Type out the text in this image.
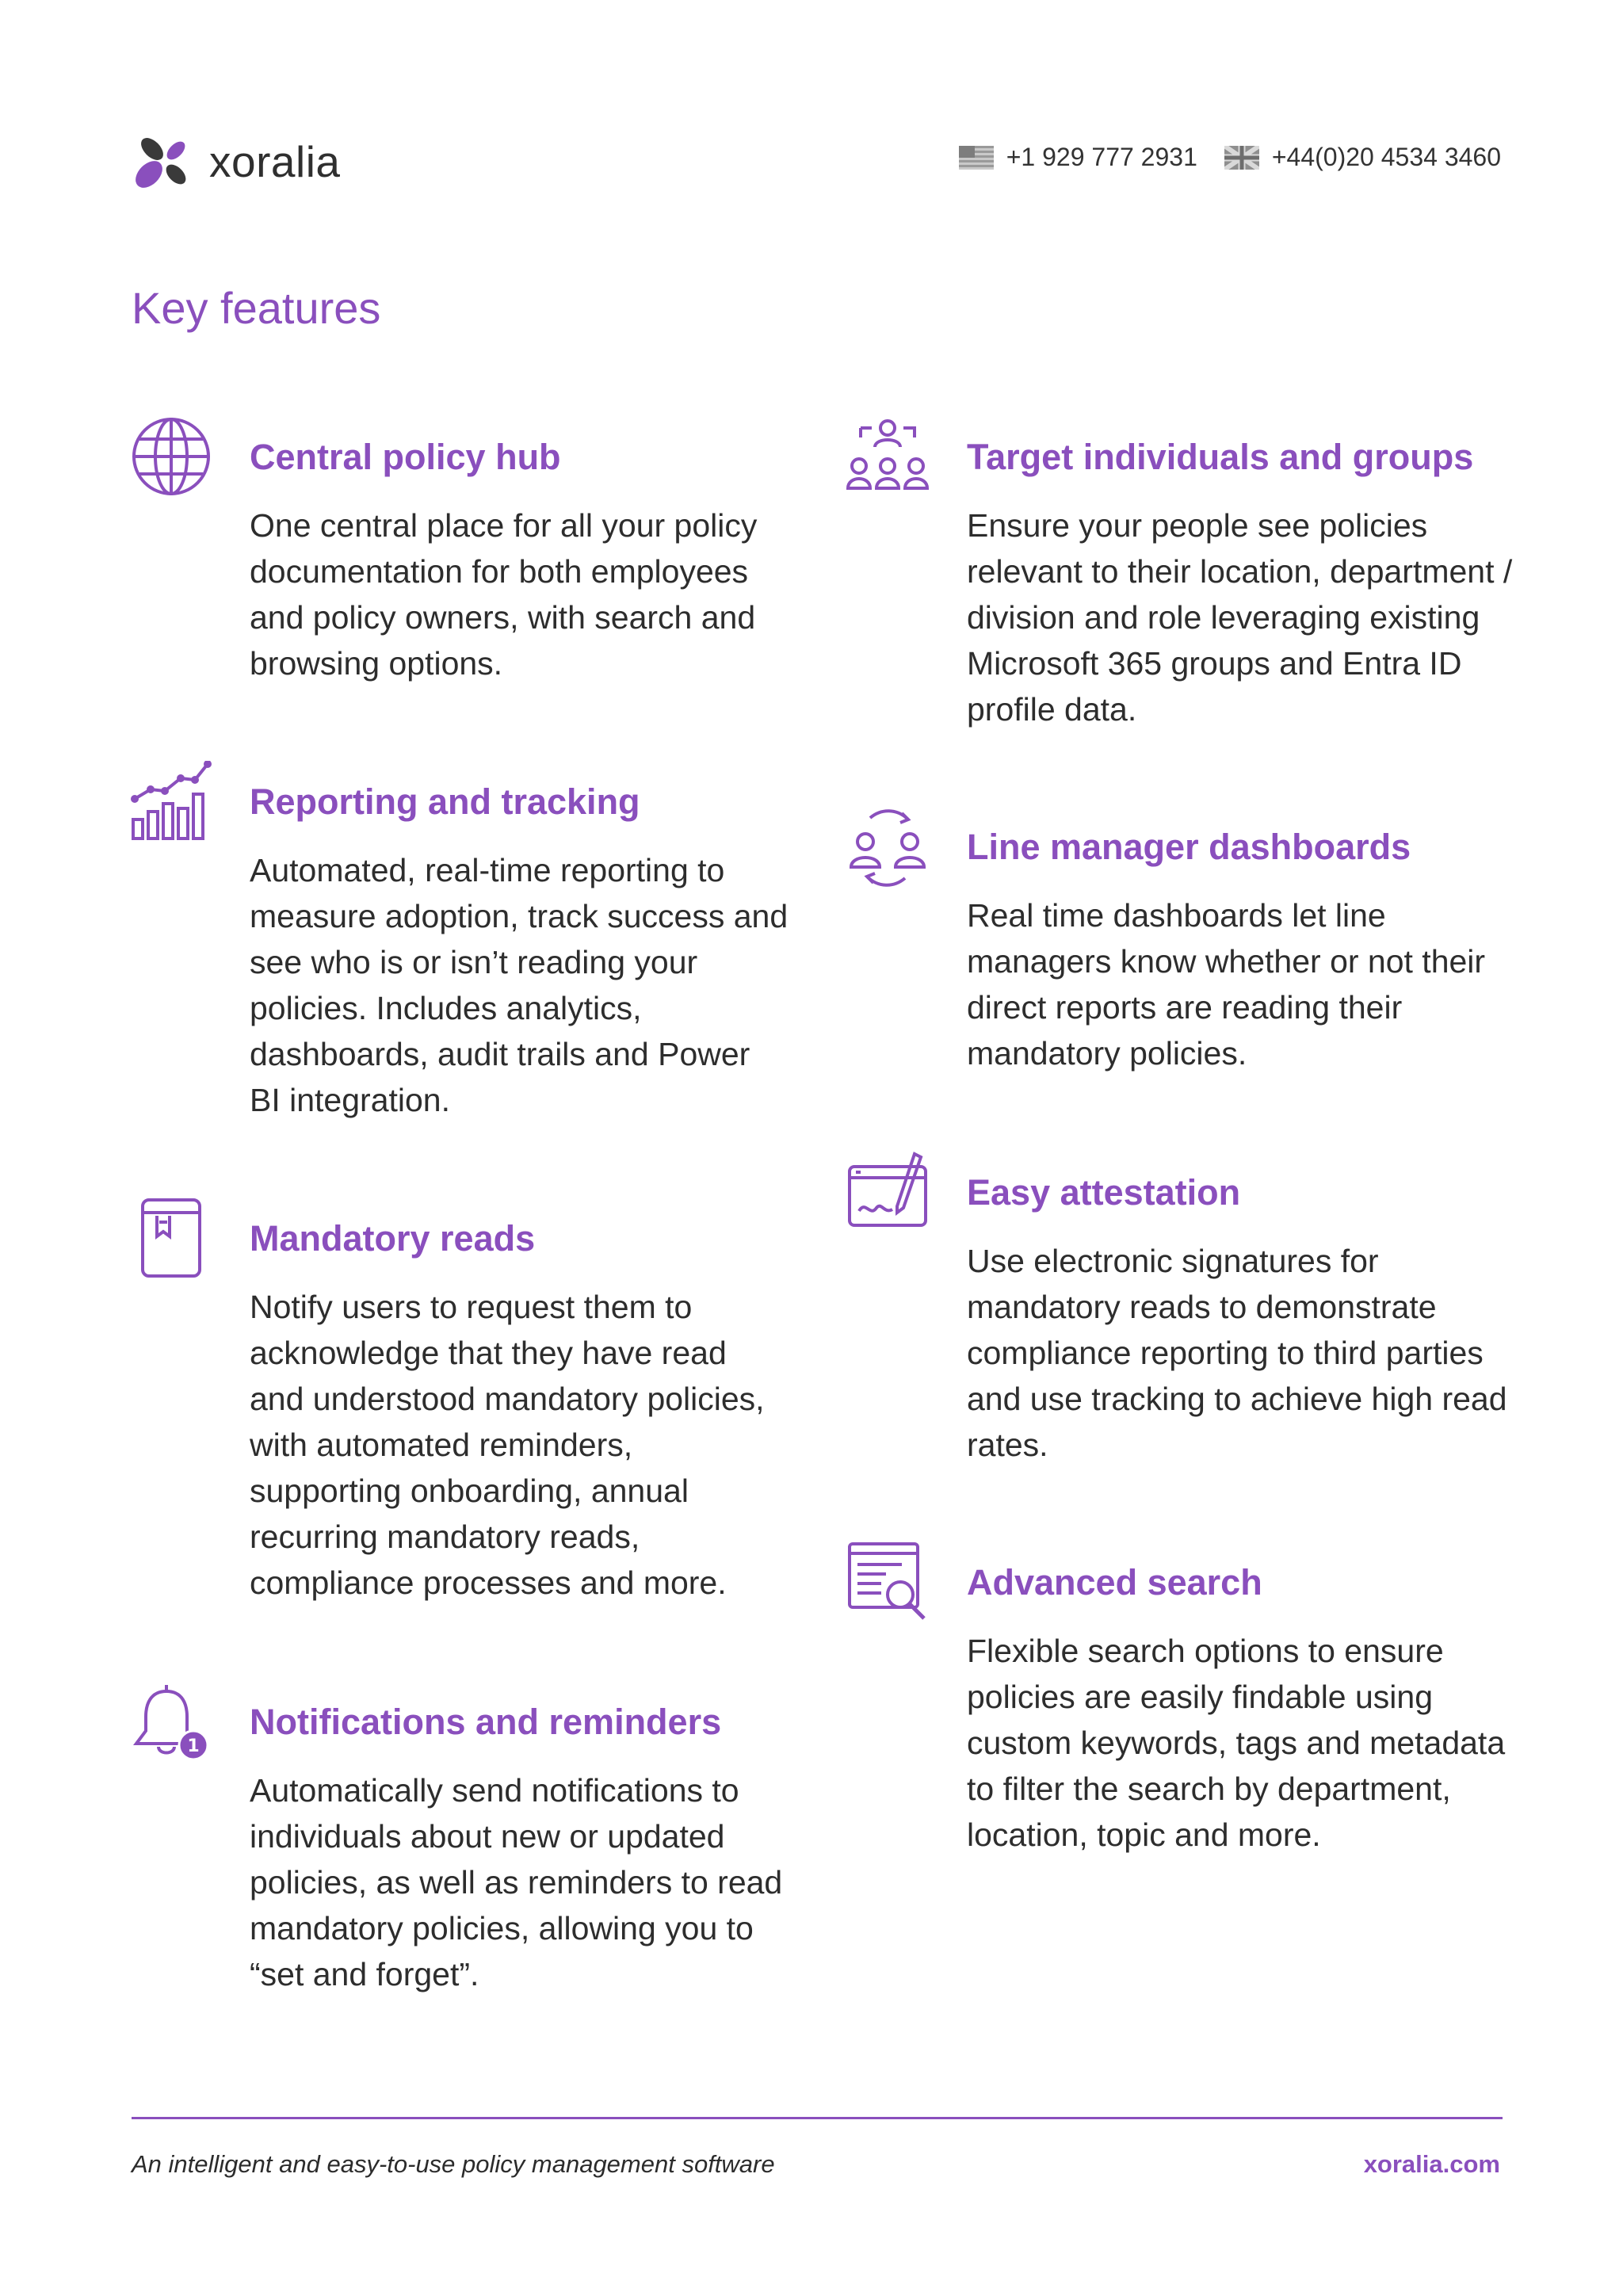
xoralia	+1 929 777 2931	+44(0)20 4534 3460
Key features
Central policy hub
One central place for all your policy documentation for both employees and policy owners, with search and browsing options.
Reporting and tracking
Automated, real-time reporting to measure adoption, track success and see who is or isn’t reading your policies. Includes analytics, dashboards, audit trails and Power BI integration.
Mandatory reads
Notify users to request them to acknowledge that they have read and understood mandatory policies, with automated reminders, supporting onboarding, annual recurring mandatory reads, compliance processes and more.
1
Notifications and reminders
Automatically send notifications to individuals about new or updated policies, as well as reminders to read mandatory policies, allowing you to “set and forget”.
Target individuals and groups
Ensure your people see policies relevant to their location, department / division and role leveraging existing Microsoft 365 groups and Entra ID profile data.
Line manager dashboards
Real time dashboards let line managers know whether or not their direct reports are reading their mandatory policies.
Easy attestation
Use electronic signatures for mandatory reads to demonstrate compliance reporting to third parties and use tracking to achieve high read rates.
Advanced search
Flexible search options to ensure policies are easily findable using custom keywords, tags and metadata to filter the search by department, location, topic and more.
An intelligent and easy-to-use policy management software	xoralia.com
